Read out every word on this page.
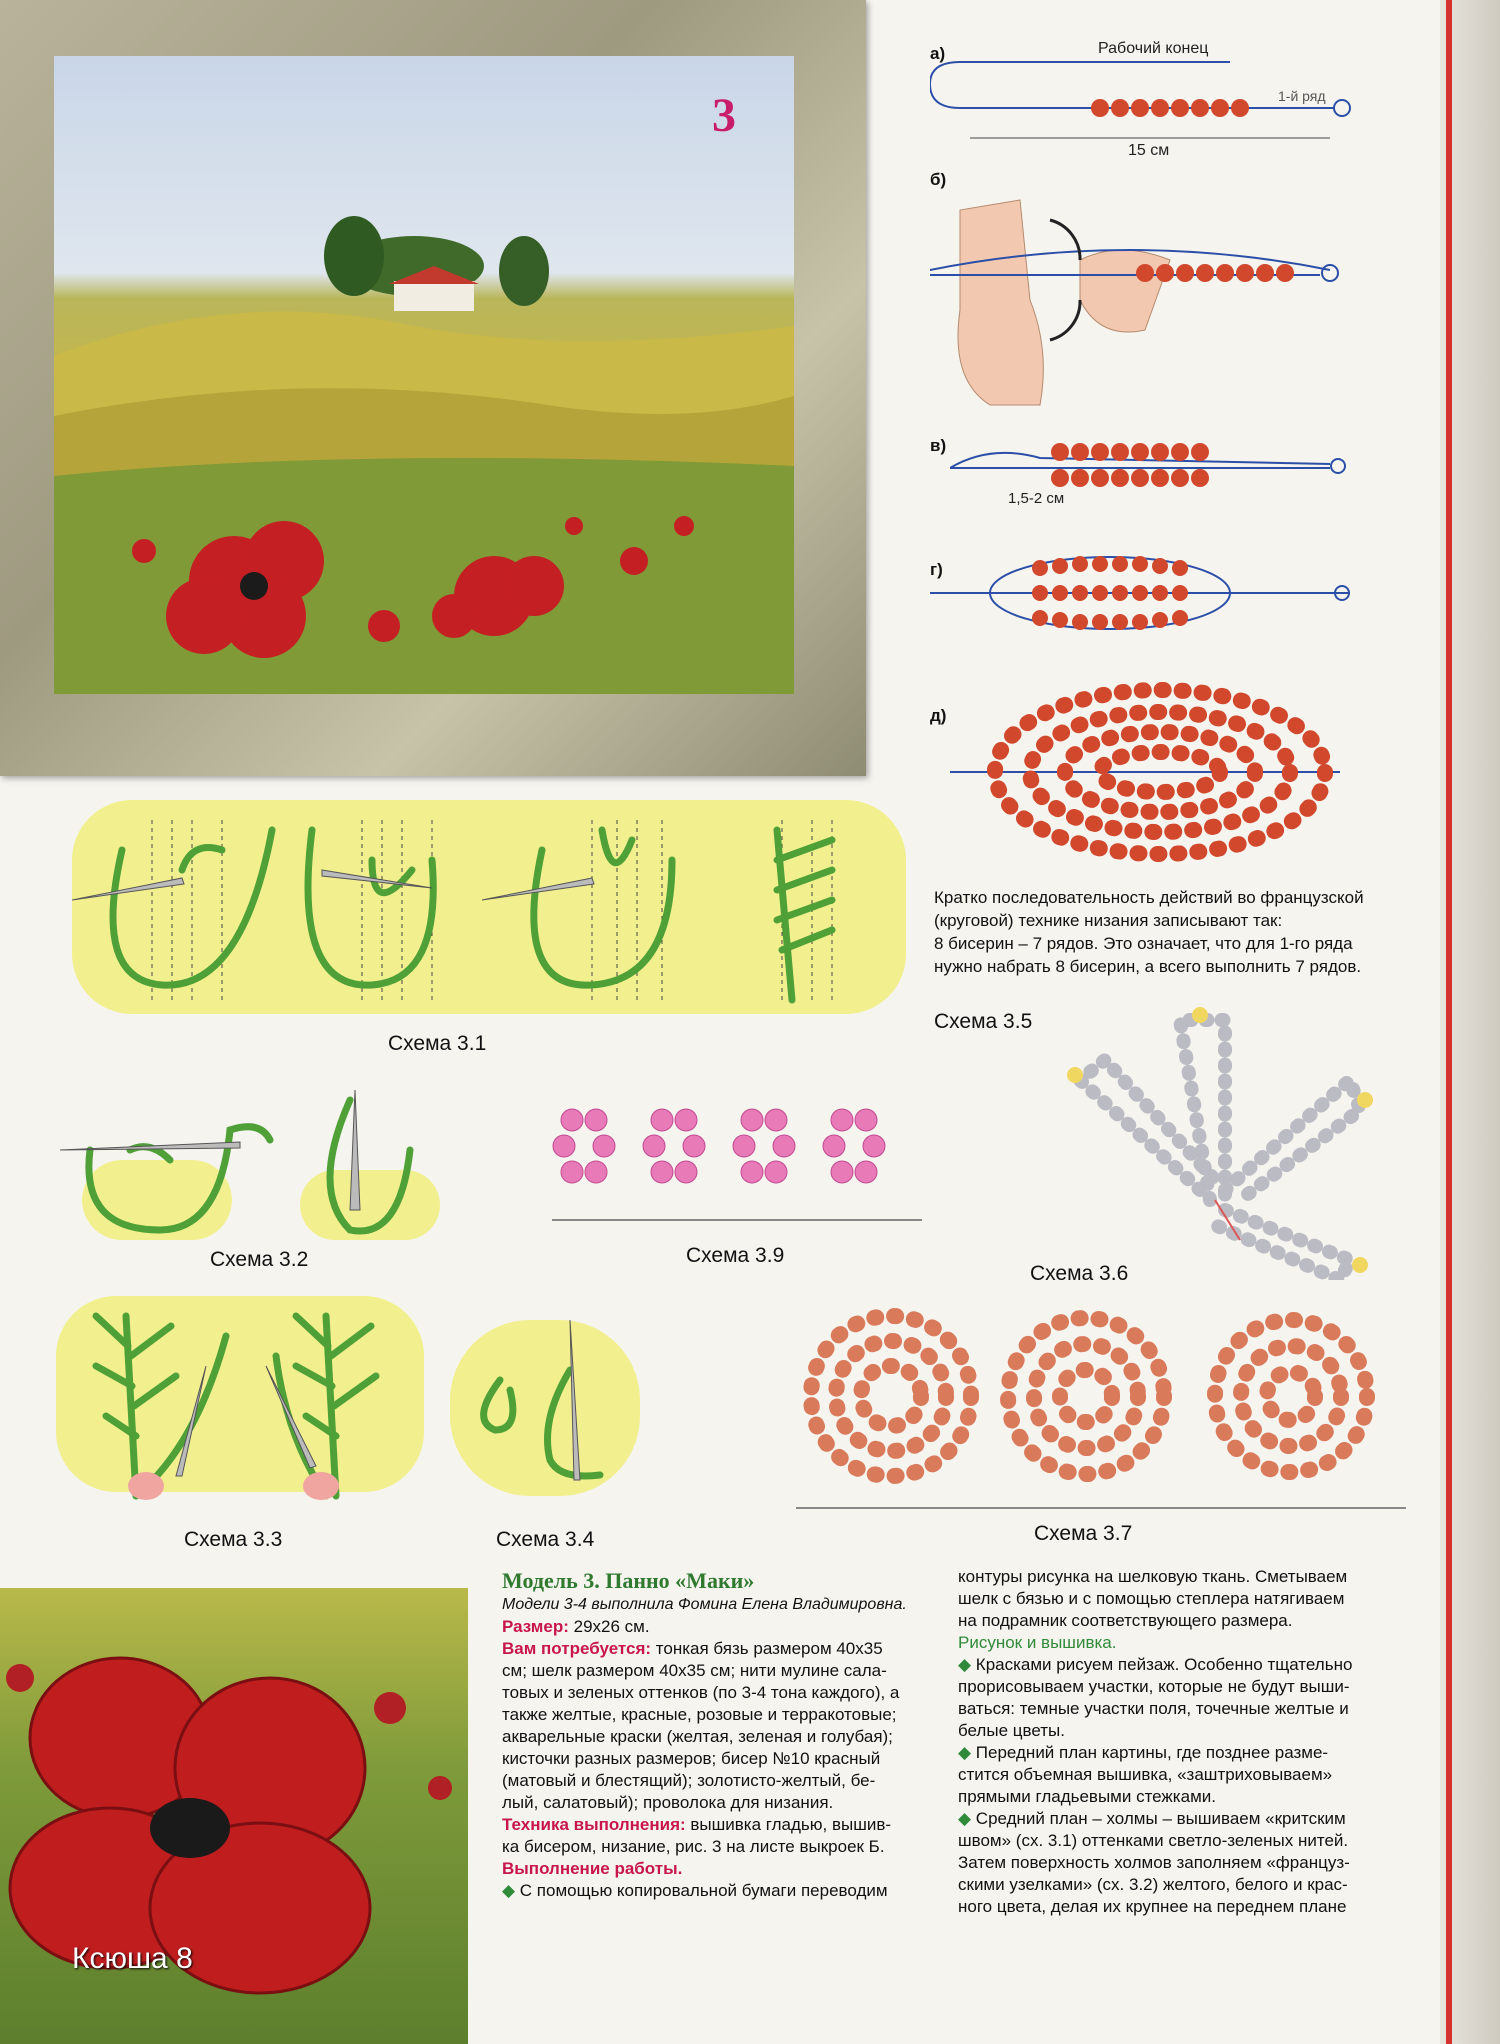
3
а)	Рабочий конец
1-й ряд
15 см
б)
в)
1,5-2 см
г)
д)
Кратко последовательность действий во французской
(круговой) технике низания записывают так:
8 бисерин – 7 рядов. Это означает, что для 1-го ряда
нужно набрать 8 бисерин, а всего выполнить 7 рядов.
Схема 3.1
Схема 3.2	Схема 3.9
Схема 3.5
Схема 3.6
Схема 3.3	Схема 3.4	Схема 3.7
Ксюша 8
Модель 3. Панно «Маки»
Модели 3-4 выполнила Фомина Елена Владимировна.
Размер: 29х26 см.
Вам потребуется: тонкая бязь размером 40х35
см; шелк размером 40х35 см; нити мулине сала-
товых и зеленых оттенков (по 3-4 тона каждого), а
также желтые, красные, розовые и терракотовые;
акварельные краски (желтая, зеленая и голубая);
кисточки разных размеров; бисер №10 красный
(матовый и блестящий); золотисто-желтый, бе-
лый, салатовый); проволока для низания.
Техника выполнения: вышивка гладью, вышив-
ка бисером, низание, рис. 3 на листе выкроек Б.
Выполнение работы.
◆ С помощью копировальной бумаги переводим
контуры рисунка на шелковую ткань. Сметываем
шелк с бязью и с помощью степлера натягиваем
на подрамник соответствующего размера.
Рисунок и вышивка.
◆ Красками рисуем пейзаж. Особенно тщательно
прорисовываем участки, которые не будут выши-
ваться: темные участки поля, точечные желтые и
белые цветы.
◆ Передний план картины, где позднее разме-
стится объемная вышивка, «заштриховываем»
прямыми гладьевыми стежками.
◆ Средний план – холмы – вышиваем «критским
швом» (сх. 3.1) оттенками светло-зеленых нитей.
Затем поверхность холмов заполняем «француз-
скими узелками» (сх. 3.2) желтого, белого и крас-
ного цвета, делая их крупнее на переднем плане
